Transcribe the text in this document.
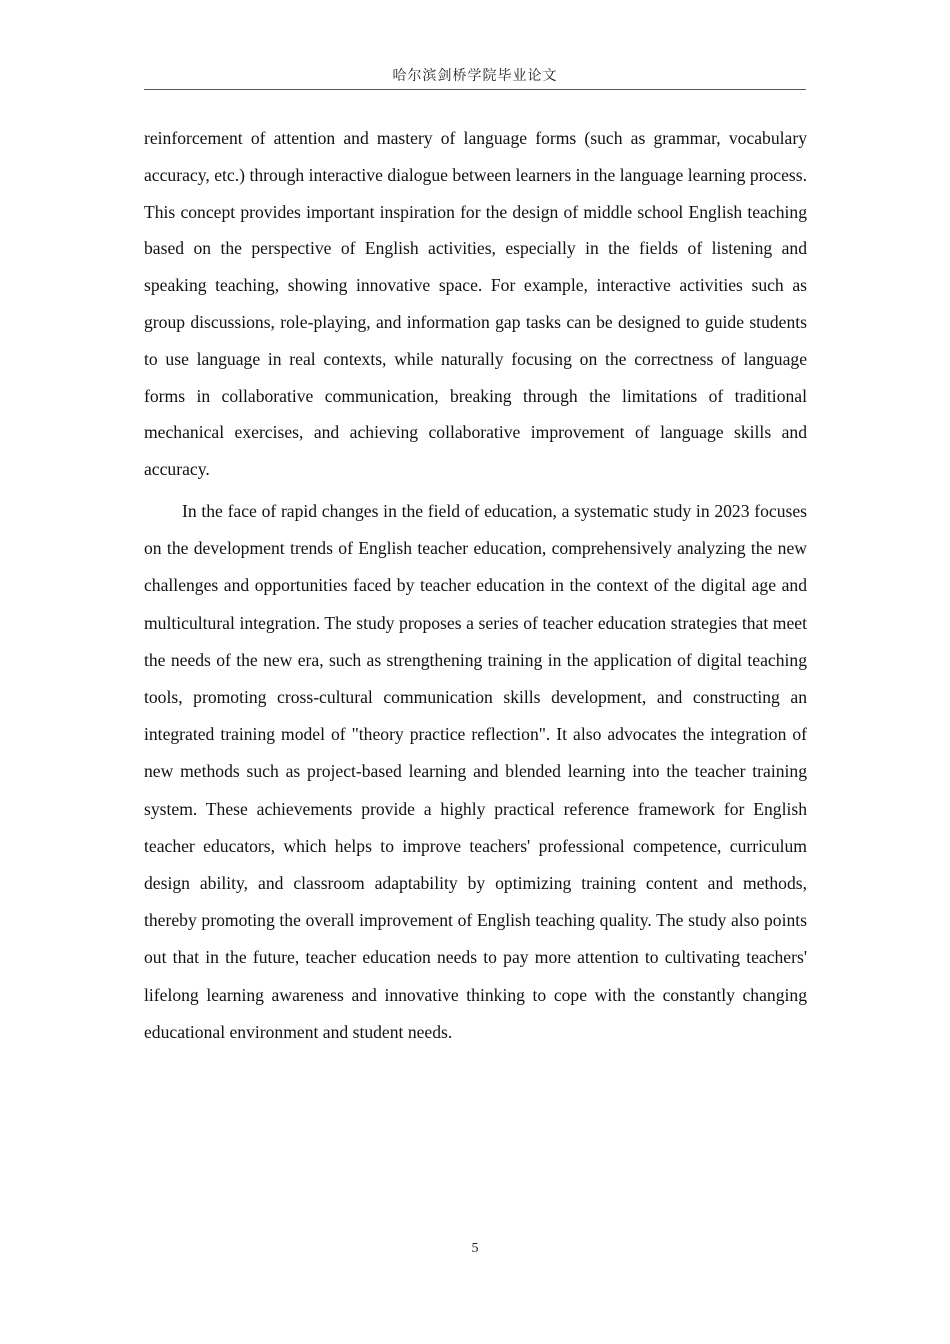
哈尔滨剑桥学院毕业论文

reinforcement of attention and mastery of language forms (such as grammar, vocabulary accuracy, etc.) through interactive dialogue between learners in the language learning process. This concept provides important inspiration for the design of middle school English teaching based on the perspective of English activities, especially in the fields of listening and speaking teaching, showing innovative space. For example, interactive activities such as group discussions, role-playing, and information gap tasks can be designed to guide students to use language in real contexts, while naturally focusing on the correctness of language forms in collaborative communication, breaking through the limitations of traditional mechanical exercises, and achieving collaborative improvement of language skills and accuracy.

In the face of rapid changes in the field of education, a systematic study in 2023 focuses on the development trends of English teacher education, comprehensively analyzing the new challenges and opportunities faced by teacher education in the context of the digital age and multicultural integration. The study proposes a series of teacher education strategies that meet the needs of the new era, such as strengthening training in the application of digital teaching tools, promoting cross-cultural communication skills development, and constructing an integrated training model of "theory practice reflection". It also advocates the integration of new methods such as project-based learning and blended learning into the teacher training system. These achievements provide a highly practical reference framework for English teacher educators, which helps to improve teachers' professional competence, curriculum design ability, and classroom adaptability by optimizing training content and methods, thereby promoting the overall improvement of English teaching quality. The study also points out that in the future, teacher education needs to pay more attention to cultivating teachers' lifelong learning awareness and innovative thinking to cope with the constantly changing educational environment and student needs.

5
